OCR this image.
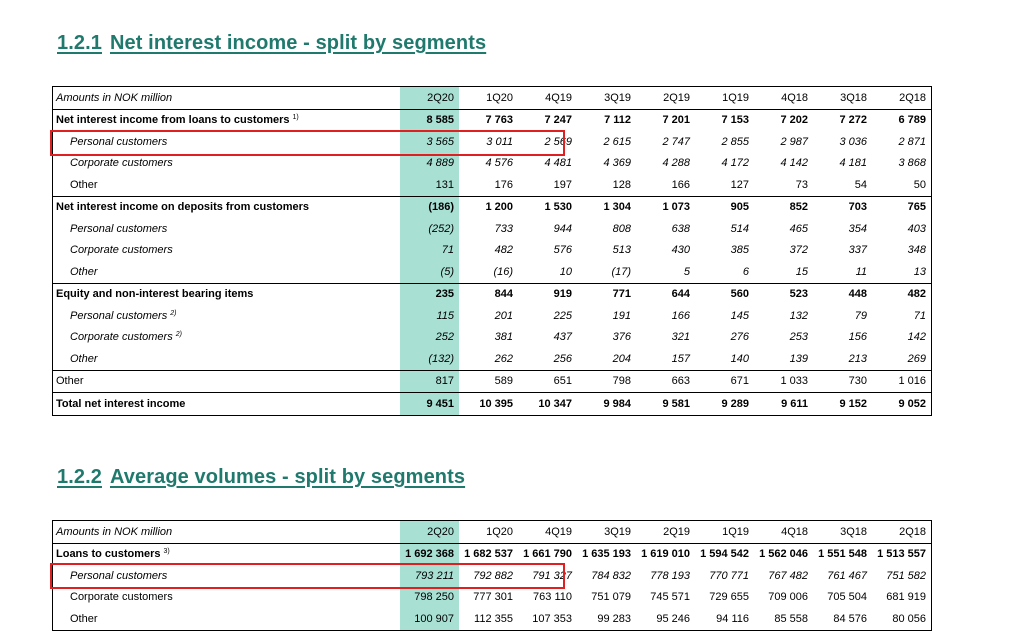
1.2.1 Net interest income - split by segments
Amounts in NOK million	2Q20	1Q20	4Q19	3Q19	2Q19	1Q19	4Q18	3Q18	2Q18
Net interest income from loans to customers $^{1)}$	8 585	7 763	7 247	7 112	7 201	7 153	7 202	7 272	6 789
Personal customers	3 565	3 011	2 569	2 615	2 747	2 855	2 987	3 036	2 871
Corporate customers	4 889	4 576	4 481	4 369	4 288	4 172	4 142	4 181	3 868
Other	131	176	197	128	166	127	73	54	50
Net interest income on deposits from customers	(186)	1 200	1 530	1 304	1 073	905	852	703	765
Personal customers	(252)	733	944	808	638	514	465	354	403
Corporate customers	71	482	576	513	430	385	372	337	348
Other	(5)	(16)	10	(17)	5	6	15	11	13
Equity and non-interest bearing items	235	844	919	771	644	560	523	448	482
Personal customers $^{2)}$	115	201	225	191	166	145	132	79	71
Corporate customers $^{2)}$	252	381	437	376	321	276	253	156	142
Other	(132)	262	256	204	157	140	139	213	269
Other	817	589	651	798	663	671	1 033	730	1 016
Total net interest income	9 451	10 395	10 347	9 984	9 581	9 289	9 611	9 152	9 052
1.2.2 Average volumes - split by segments
Amounts in NOK million	2Q20	1Q20	4Q19	3Q19	2Q19	1Q19	4Q18	3Q18	2Q18
Loans to customers $^{3)}$	1 692 368	1 682 537	1 661 790	1 635 193	1 619 010	1 594 542	1 562 046	1 551 548	1 513 557
Personal customers	793 211	792 882	791 327	784 832	778 193	770 771	767 482	761 467	751 582
Corporate customers	798 250	777 301	763 110	751 079	745 571	729 655	709 006	705 504	681 919
Other	100 907	112 355	107 353	99 283	95 246	94 116	85 558	84 576	80 056
